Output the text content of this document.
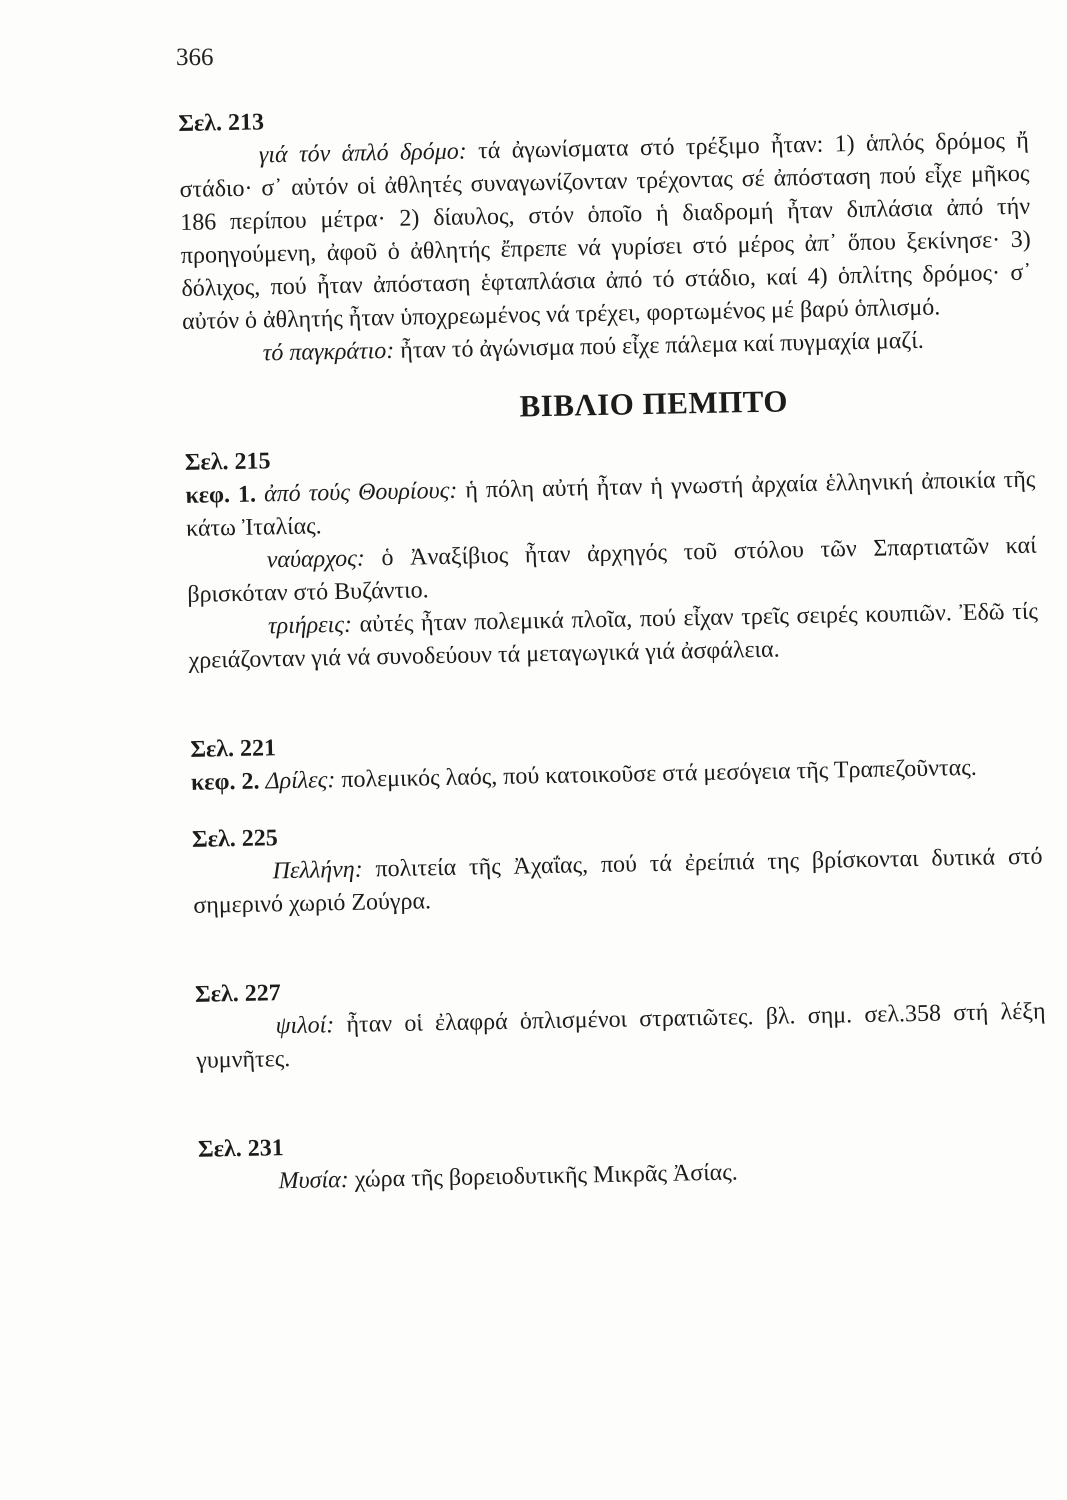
366

Σελ. 213

γιά τόν ἁπλό δρόμο: τά ἀγωνίσματα στό τρέξιμο ἦταν: 1) ἁπλός δρόμος ἤ στάδιο· σ᾽ αὐτόν οἱ ἀθλητές συναγωνίζονταν τρέχοντας σέ ἀπόσταση πού εἶχε μῆκος 186 περίπου μέτρα· 2) δίαυλος, στόν ὁποῖο ἡ διαδρομή ἦταν διπλάσια ἀπό τήν προηγούμενη, ἀφοῦ ὁ ἀθλητής ἔπρεπε νά γυρίσει στό μέρος ἀπ᾽ ὅπου ξεκίνησε· 3) δόλιχος, πού ἦταν ἀπόσταση ἑφταπλάσια ἀπό τό στάδιο, καί 4) ὁπλίτης δρόμος· σ᾽ αὐτόν ὁ ἀθλητής ἦταν ὑποχρεωμένος νά τρέχει, φορτωμένος μέ βαρύ ὁπλισμό.

τό παγκράτιο: ἦταν τό ἀγώνισμα πού εἶχε πάλεμα καί πυγμαχία μαζί.

ΒΙΒΛΙΟ ΠΕΜΠΤΟ

Σελ. 215

κεφ. 1. ἀπό τούς Θουρίους: ἡ πόλη αὐτή ἦταν ἡ γνωστή ἀρχαία ἑλληνική ἀποικία τῆς κάτω Ἰταλίας.

ναύαρχος: ὁ Ἀναξίβιος ἦταν ἀρχηγός τοῦ στόλου τῶν Σπαρτιατῶν καί βρισκόταν στό Βυζάντιο.

τριήρεις: αὐτές ἦταν πολεμικά πλοῖα, πού εἶχαν τρεῖς σειρές κουπιῶν. Ἐδῶ τίς χρειάζονταν γιά νά συνοδεύουν τά μεταγωγικά γιά ἀσφάλεια.

Σελ. 221

κεφ. 2. Δρίλες: πολεμικός λαός, πού κατοικοῦσε στά μεσόγεια τῆς Τραπεζοῦντας.

Σελ. 225

Πελλήνη: πολιτεία τῆς Ἀχαΐας, πού τά ἐρείπιά της βρίσκονται δυτικά στό σημερινό χωριό Ζούγρα.

Σελ. 227

ψιλοί: ἦταν οἱ ἐλαφρά ὁπλισμένοι στρατιῶτες. βλ. σημ. σελ.358 στή λέξη γυμνῆτες.

Σελ. 231

Μυσία: χώρα τῆς βορειοδυτικῆς Μικρᾶς Ἀσίας.
